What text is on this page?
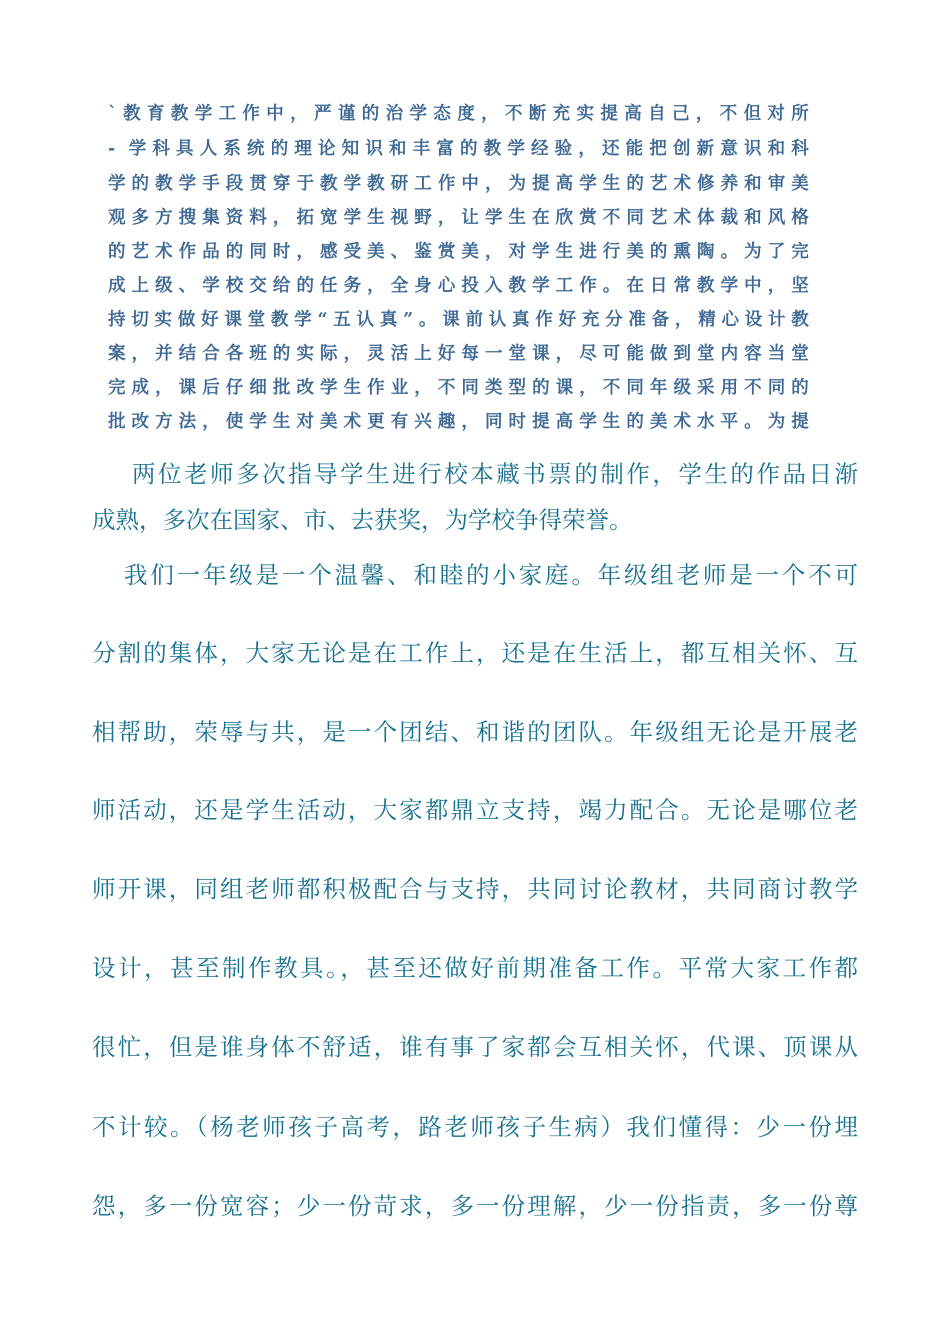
`教育教学工作中，严谨的治学态度，不断充实提高自己，不但对所
- 学科具人系统的理论知识和丰富的教学经验，还能把创新意识和科
学的教学手段贯穿于教学教研工作中，为提高学生的艺术修养和审美
观多方搜集资料，拓宽学生视野，让学生在欣赏不同艺术体裁和风格
的艺术作品的同时，感受美、鉴赏美，对学生进行美的熏陶。为了完
成上级、学校交给的任务，全身心投入教学工作。在日常教学中，坚
持切实做好课堂教学“五认真”。课前认真作好充分准备，精心设计教
案，并结合各班的实际，灵活上好每一堂课，尽可能做到堂内容当堂
完成，课后仔细批改学生作业，不同类型的课，不同年级采用不同的
批改方法，使学生对美术更有兴趣，同时提高学生的美术水平。为提
两位老师多次指导学生进行校本藏书票的制作，学生的作品日渐
成熟，多次在国家、市、去获奖，为学校争得荣誉。
我们一年级是一个温馨、和睦的小家庭。年级组老师是一个不可
分割的集体，大家无论是在工作上，还是在生活上，都互相关怀、互
相帮助，荣辱与共，是一个团结、和谐的团队。年级组无论是开展老
师活动，还是学生活动，大家都鼎立支持，竭力配合。无论是哪位老
师开课，同组老师都积极配合与支持，共同讨论教材，共同商讨教学
设计，甚至制作教具。，甚至还做好前期准备工作。平常大家工作都
很忙，但是谁身体不舒适，谁有事了家都会互相关怀，代课、顶课从
不计较。（杨老师孩子高考，路老师孩子生病）我们懂得：少一份埋
怨，多一份宽容；少一份苛求，多一份理解，少一份指责，多一份尊
